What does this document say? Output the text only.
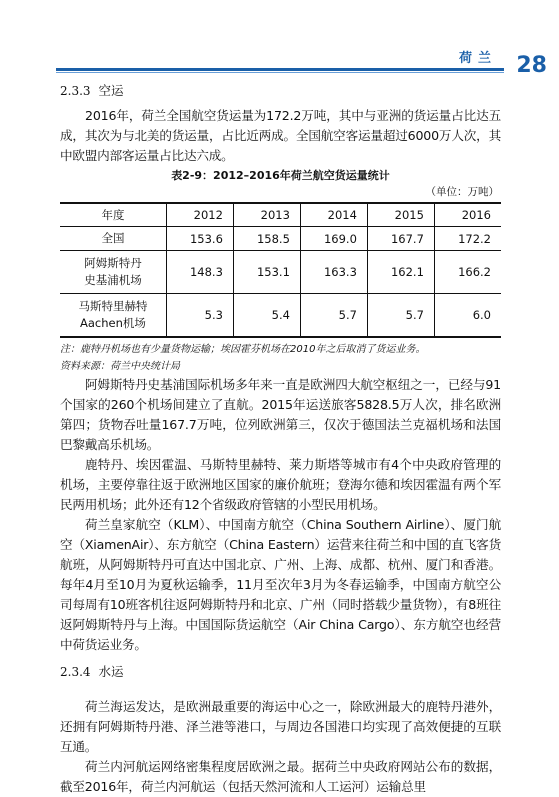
荷兰 28
2.3.3 空运

2016年，荷兰全国航空货运量为172.2万吨，其中与亚洲的货运量占比达五成，其次为与北美的货运量，占比近两成。全国航空客运量超过6000万人次，其中欧盟内部客运量占比达六成。

表2-9：2012–2016年荷兰航空货运量统计
（单位：万吨）
年度	2012	2013	2014	2015	2016
全国	153.6	158.5	169.0	167.7	172.2

阿姆斯特丹
史基浦机场	148.3	153.1	163.3	162.1	166.2

马斯特里赫特
Aachen机场	5.3	5.4	5.7	5.7	6.0
注：鹿特丹机场也有少量货物运输；埃因霍芬机场在2010年之后取消了货运业务。
资料来源：荷兰中央统计局

阿姆斯特丹史基浦国际机场多年来一直是欧洲四大航空枢纽之一，已经与91个国家的260个机场间建立了直航。2015年运送旅客5828.5万人次，排名欧洲第四；货物吞吐量167.7万吨，位列欧洲第三，仅次于德国法兰克福机场和法国巴黎戴高乐机场。

鹿特丹、埃因霍温、马斯特里赫特、莱力斯塔等城市有4个中央政府管理的机场，主要停靠往返于欧洲地区国家的廉价航班；登海尔德和埃因霍温有两个军民两用机场；此外还有12个省级政府管辖的小型民用机场。

荷兰皇家航空（KLM）、中国南方航空（China Southern Airline）、厦门航空（XiamenAir）、东方航空（China Eastern）运营来往荷兰和中国的直飞客货航班，从阿姆斯特丹可直达中国北京、广州、上海、成都、杭州、厦门和香港。每年4月至10月为夏秋运输季，11月至次年3月为冬春运输季，中国南方航空公司每周有10班客机往返阿姆斯特丹和北京、广州（同时搭载少量货物），有8班往返阿姆斯特丹与上海。中国国际货运航空（Air China Cargo）、东方航空也经营中荷货运业务。

2.3.4 水运

荷兰海运发达，是欧洲最重要的海运中心之一，除欧洲最大的鹿特丹港外，还拥有阿姆斯特丹港、泽兰港等港口，与周边各国港口均实现了高效便捷的互联互通。

荷兰内河航运网络密集程度居欧洲之最。据荷兰中央政府网站公布的数据，截至2016年，荷兰内河航运（包括天然河流和人工运河）运输总里
